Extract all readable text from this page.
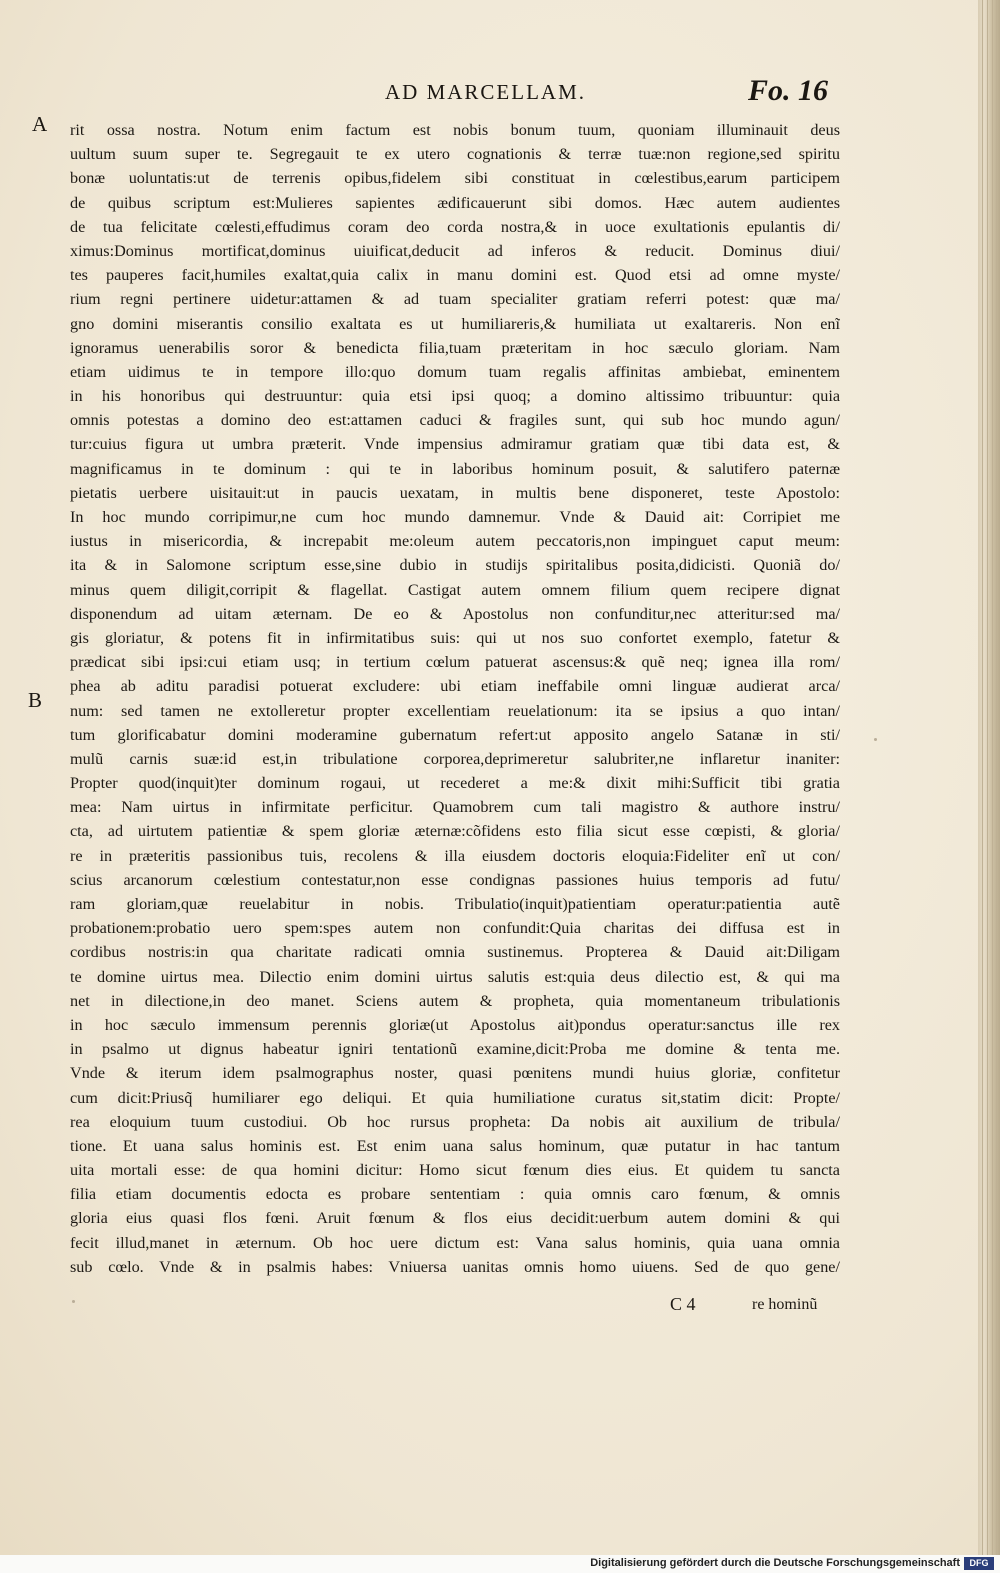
AD MARCELLAM.	Fo. 16
A
B
rit ossa nostra. Notum enim factum est nobis bonum tuum, quoniam illuminauit deus
uultum suum super te. Segregauit te ex utero cognationis & terræ tuæ:non regione,sed spiritu
bonæ uoluntatis:ut de terrenis opibus,fidelem sibi constituat in cœlestibus,earum participem
de quibus scriptum est:Mulieres sapientes ædificauerunt sibi domos. Hæc autem audientes
de tua felicitate cœlesti,effudimus coram deo corda nostra,& in uoce exultationis epulantis di/
ximus:Dominus mortificat,dominus uiuificat,deducit ad inferos & reducit. Dominus diui/
tes pauperes facit,humiles exaltat,quia calix in manu domini est. Quod etsi ad omne myste/
rium regni pertinere uidetur:attamen & ad tuam specialiter gratiam referri potest: quæ ma/
gno domini miserantis consilio exaltata es ut humiliareris,& humiliata ut exaltareris. Non enĩ
ignoramus uenerabilis soror & benedicta filia,tuam præteritam in hoc sæculo gloriam. Nam
etiam uidimus te in tempore illo:quo domum tuam regalis affinitas ambiebat, eminentem
in his honoribus qui destruuntur: quia etsi ipsi quoq; a domino altissimo tribuuntur: quia
omnis potestas a domino deo est:attamen caduci & fragiles sunt, qui sub hoc mundo agun/
tur:cuius figura ut umbra præterit. Vnde impensius admiramur gratiam quæ tibi data est, &
magnificamus in te dominum : qui te in laboribus hominum posuit, & salutifero paternæ
pietatis uerbere uisitauit:ut in paucis uexatam, in multis bene disponeret, teste Apostolo:
In hoc mundo corripimur,ne cum hoc mundo damnemur. Vnde & Dauid ait: Corripiet me
iustus in misericordia, & increpabit me:oleum autem peccatoris,non impinguet caput meum:
ita & in Salomone scriptum esse,sine dubio in studijs spiritalibus posita,didicisti. Quoniã do/
minus quem diligit,corripit & flagellat. Castigat autem omnem filium quem recipere dignat
disponendum ad uitam æternam. De eo & Apostolus non confunditur,nec atteritur:sed ma/
gis gloriatur, & potens fit in infirmitatibus suis: qui ut nos suo confortet exemplo, fatetur &
prædicat sibi ipsi:cui etiam usq; in tertium cœlum patuerat ascensus:& quẽ neq; ignea illa rom/
phea ab aditu paradisi potuerat excludere: ubi etiam ineffabile omni linguæ audierat arca/
num: sed tamen ne extolleretur propter excellentiam reuelationum: ita se ipsius a quo intan/
tum glorificabatur domini moderamine gubernatum refert:ut apposito angelo Satanæ in sti/
mulũ carnis suæ:id est,in tribulatione corporea,deprimeretur salubriter,ne inflaretur inaniter:
Propter quod(inquit)ter dominum rogaui, ut recederet a me:& dixit mihi:Sufficit tibi gratia
mea: Nam uirtus in infirmitate perficitur. Quamobrem cum tali magistro & authore instru/
cta, ad uirtutem patientiæ & spem gloriæ æternæ:cõfidens esto filia sicut esse cœpisti, & gloria/
re in præteritis passionibus tuis, recolens & illa eiusdem doctoris eloquia:Fideliter enĩ ut con/
scius arcanorum cœlestium contestatur,non esse condignas passiones huius temporis ad futu/
ram gloriam,quæ reuelabitur in nobis. Tribulatio(inquit)patientiam operatur:patientia autẽ
probationem:probatio uero spem:spes autem non confundit:Quia charitas dei diffusa est in
cordibus nostris:in qua charitate radicati omnia sustinemus. Propterea & Dauid ait:Diligam
te domine uirtus mea. Dilectio enim domini uirtus salutis est:quia deus dilectio est, & qui ma
net in dilectione,in deo manet. Sciens autem & propheta, quia momentaneum tribulationis
in hoc sæculo immensum perennis gloriæ(ut Apostolus ait)pondus operatur:sanctus ille rex
in psalmo ut dignus habeatur igniri tentationũ examine,dicit:Proba me domine & tenta me.
Vnde & iterum idem psalmographus noster, quasi pœnitens mundi huius gloriæ, confitetur
cum dicit:Priusq̃ humiliarer ego deliqui. Et quia humiliatione curatus sit,statim dicit: Propte/
rea eloquium tuum custodiui. Ob hoc rursus propheta: Da nobis ait auxilium de tribula/
tione. Et uana salus hominis est. Est enim uana salus hominum, quæ putatur in hac tantum
uita mortali esse: de qua homini dicitur: Homo sicut fœnum dies eius. Et quidem tu sancta
filia etiam documentis edocta es probare sententiam : quia omnis caro fœnum, & omnis
gloria eius quasi flos fœni. Aruit fœnum & flos eius decidit:uerbum autem domini & qui
fecit illud,manet in æternum. Ob hoc uere dictum est: Vana salus hominis, quia uana omnia
sub cœlo. Vnde & in psalmis habes: Vniuersa uanitas omnis homo uiuens. Sed de quo gene/
C 4	re hominũ
Digitalisierung gefördert durch die Deutsche Forschungsgemeinschaft	DFG
